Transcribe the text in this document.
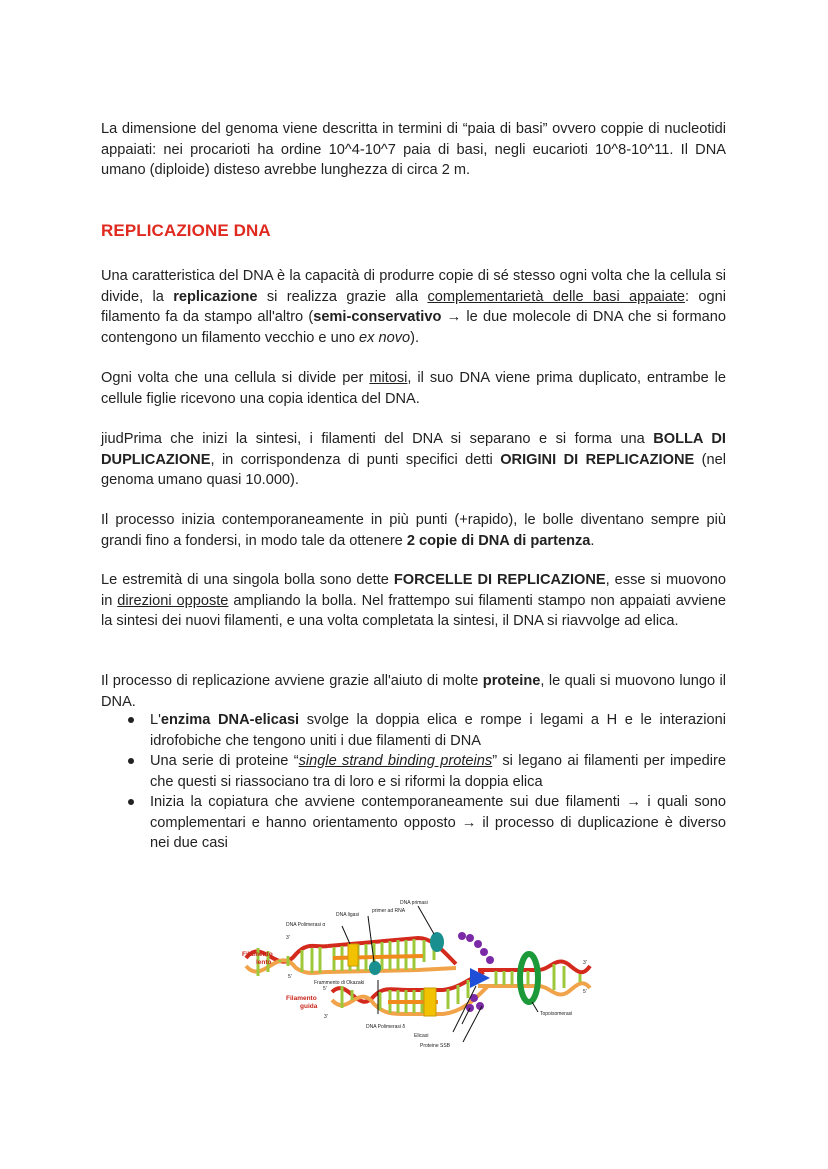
La dimensione del genoma viene descritta in termini di “paia di basi” ovvero coppie di nucleotidi appaiati: nei procarioti ha ordine 10^4-10^7 paia di basi, negli eucarioti 10^8-10^11. Il DNA umano (diploide) disteso avrebbe lunghezza di circa 2 m.

REPLICAZIONE DNA

Una caratteristica del DNA è la capacità di produrre copie di sé stesso ogni volta che la cellula si divide, la replicazione si realizza grazie alla complementarietà delle basi appaiate: ogni filamento fa da stampo all'altro (semi-conservativo → le due molecole di DNA che si formano contengono un filamento vecchio e uno ex novo).

Ogni volta che una cellula si divide per mitosi, il suo DNA viene prima duplicato, entrambe le cellule figlie ricevono una copia identica del DNA.

jiudPrima che inizi la sintesi, i filamenti del DNA si separano e si forma una BOLLA DI DUPLICAZIONE, in corrispondenza di punti specifici detti ORIGINI DI REPLICAZIONE (nel genoma umano quasi 10.000).

Il processo inizia contemporaneamente in più punti (+rapido), le bolle diventano sempre più grandi fino a fondersi, in modo tale da ottenere 2 copie di DNA di partenza.

Le estremità di una singola bolla sono dette FORCELLE DI REPLICAZIONE, esse si muovono in direzioni opposte ampliando la bolla. Nel frattempo sui filamenti stampo non appaiati avviene la sintesi dei nuovi filamenti, e una volta completata la sintesi, il DNA si riavvolge ad elica.

Il processo di replicazione avviene grazie all'aiuto di molte proteine, le quali si muovono lungo il DNA.

L'enzima DNA-elicasi svolge la doppia elica e rompe i legami a H e le interazioni idrofobiche che tengono uniti i due filamenti di DNA
Una serie di proteine “single strand binding proteins” si legano ai filamenti per impedire che questi si riassociano tra di loro e si riformi la doppia elica
Inizia la copiatura che avviene contemporaneamente sui due filamenti → i quali sono complementari e hanno orientamento opposto → il processo di duplicazione è diverso nei due casi
DNA primasi
primer ad RNA
DNA ligasi
DNA Polimerasi α
Filamento
lento
3'
5'
Frammento di Okazaki
5'
Filamento
guida
3'
3'
5'
Topoisomerasi
DNA Polimerasi δ
Elicasi
Proteine SSB
